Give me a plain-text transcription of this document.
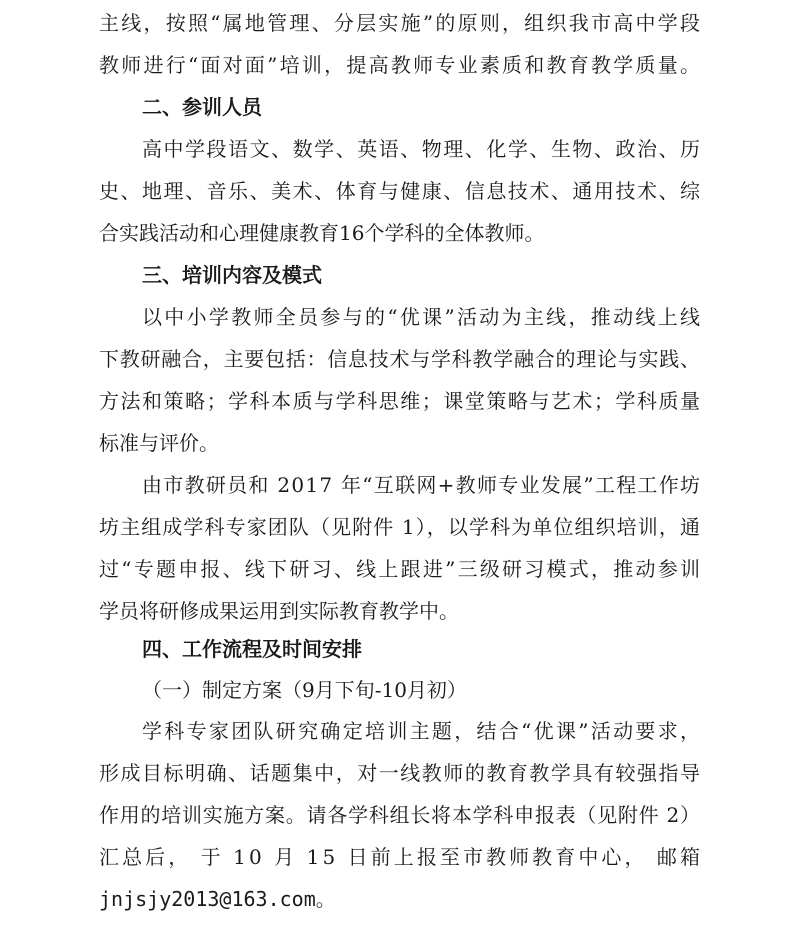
主线，按照“属地管理、分层实施”的原则，组织我市高中学段
教师进行“面对面”培训，提高教师专业素质和教育教学质量。
二、参训人员
高中学段语文、数学、英语、物理、化学、生物、政治、历
史、地理、音乐、美术、体育与健康、信息技术、通用技术、综
合实践活动和心理健康教育16个学科的全体教师。
三、培训内容及模式
以中小学教师全员参与的“优课”活动为主线，推动线上线
下教研融合，主要包括：信息技术与学科教学融合的理论与实践、
方法和策略；学科本质与学科思维；课堂策略与艺术；学科质量
标准与评价。
由市教研员和 2017 年“互联网+教师专业发展”工程工作坊
坊主组成学科专家团队（见附件 1），以学科为单位组织培训，通
过“专题申报、线下研习、线上跟进”三级研习模式，推动参训
学员将研修成果运用到实际教育教学中。
四、工作流程及时间安排
（一）制定方案（9月下旬-10月初）
学科专家团队研究确定培训主题，结合“优课”活动要求，
形成目标明确、话题集中，对一线教师的教育教学具有较强指导
作用的培训实施方案。请各学科组长将本学科申报表（见附件 2）
汇总后， 于 10 月 15 日前上报至市教师教育中心， 邮箱
jnjsjy2013@163.com。
